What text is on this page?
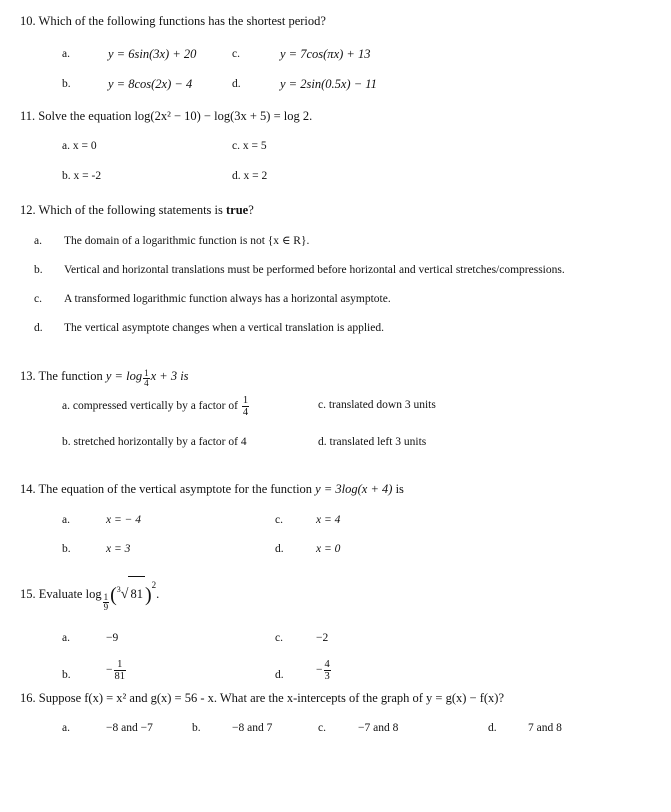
10. Which of the following functions has the shortest period?
a.	y = 6sin(3x) + 20	c.	y = 7cos(πx) + 13
b.	y = 8cos(2x) − 4	d.	y = 2sin(0.5x) − 11
11. Solve the equation log(2x² − 10) − log(3x + 5) = log 2.
a. x = 0	c. x = 5
b. x = -2	d. x = 2
12. Which of the following statements is true?
a. The domain of a logarithmic function is not {x ∈ R}.
b. Vertical and horizontal translations must be performed before horizontal and vertical stretches/compressions.
c. A transformed logarithmic function always has a horizontal asymptote.
d. The vertical asymptote changes when a vertical translation is applied.
13. The function $y = \log \frac{1}{4}$ x + 3 is
a. compressed vertically by a factor of $\frac{1}{4}$	c. translated down 3 units
b. stretched horizontally by a factor of 4	d. translated left 3 units
14. The equation of the vertical asymptote for the function y = 3log(x + 4) is
a.	x = − 4	c.	x = 4
b.	x = 3	d.	x = 0
15. Evaluate $\log \frac{1}{9} (^3√$ 81 )$^2$.
a.	−9	c.	−2
b.	− $\frac{1}{81}$	d.	− $\frac{4}{3}$
16. Suppose f(x) = x² and g(x) = 56 - x. What are the x-intercepts of the graph of y = g(x) − f(x)?
a.	−8 and −7	b.	−8 and 7	c.	−7 and 8	d.	7 and 8
